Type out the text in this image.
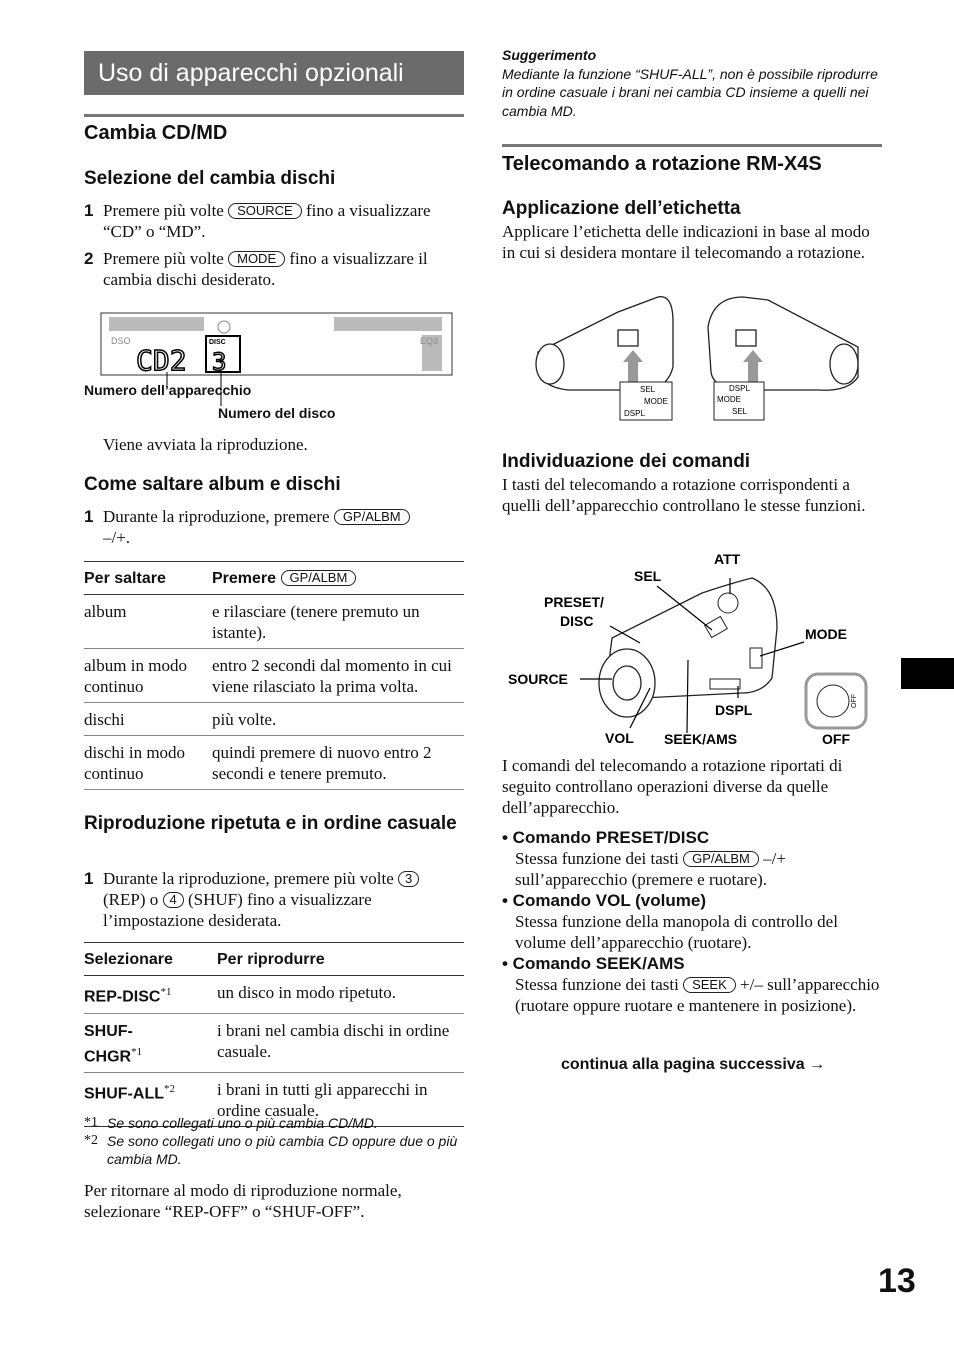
Uso di apparecchi opzionali
Cambia CD/MD
Selezione del cambia dischi
1 Premere più volte SOURCE fino a visualizzare “CD” o “MD”.
2 Premere più volte MODE fino a visualizzare il cambia dischi desiderato.
DSO	EQ3
DISC
CD2 3
Numero dell’apparecchio
Numero del disco
Viene avviata la riproduzione.
Come saltare album e dischi
1 Durante la riproduzione, premere GP/ALBM
–/+.
Per saltare	Premere GP/ALBM
album	e rilasciare (tenere premuto un istante).
album in modo continuo	entro 2 secondi dal momento in cui viene rilasciato la prima volta.
dischi	più volte.
dischi in modo continuo	quindi premere di nuovo entro 2 secondi e tenere premuto.
Riproduzione ripetuta e in ordine casuale
1 Durante la riproduzione, premere più volte 3 (REP) o 4 (SHUF) fino a visualizzare l’impostazione desiderata.
Selezionare	Per riprodurre
REP-DISC$^{*1}$	un disco in modo ripetuto.
SHUF-CHGR$^{*1}$	i brani nel cambia dischi in ordine casuale.
SHUF-ALL$^{*2}$	i brani in tutti gli apparecchi in ordine casuale.
*1 Se sono collegati uno o più cambia CD/MD.
*2 Se sono collegati uno o più cambia CD oppure due o più cambia MD.
Per ritornare al modo di riproduzione normale, selezionare “REP-OFF” o “SHUF-OFF”.
Suggerimento
Mediante la funzione “SHUF-ALL”, non è possibile riprodurre in ordine casuale i brani nei cambia CD insieme a quelli nei cambia MD.
Telecomando a rotazione RM-X4S
Applicazione dell’etichetta
Applicare l’etichetta delle indicazioni in base al modo in cui si desidera montare il telecomando a rotazione.
SEL
MODE
DSPL
DSPL
MODE
SEL
Individuazione dei comandi
I tasti del telecomando a rotazione corrispondenti a quelli dell’apparecchio controllano le stesse funzioni.
OFF
ATT
SEL
PRESET/
DISC
MODE
SOURCE
DSPL
VOL SEEK/AMS	OFF
I comandi del telecomando a rotazione riportati di seguito controllano operazioni diverse da quelle dell’apparecchio.
• Comando PRESET/DISC
Stessa funzione dei tasti GP/ALBM –/+ sull’apparecchio (premere e ruotare).
• Comando VOL (volume)
Stessa funzione della manopola di controllo del volume dell’apparecchio (ruotare).
• Comando SEEK/AMS
Stessa funzione dei tasti SEEK +/– sull’apparecchio (ruotare oppure ruotare e mantenere in posizione).
continua alla pagina successiva →
13
